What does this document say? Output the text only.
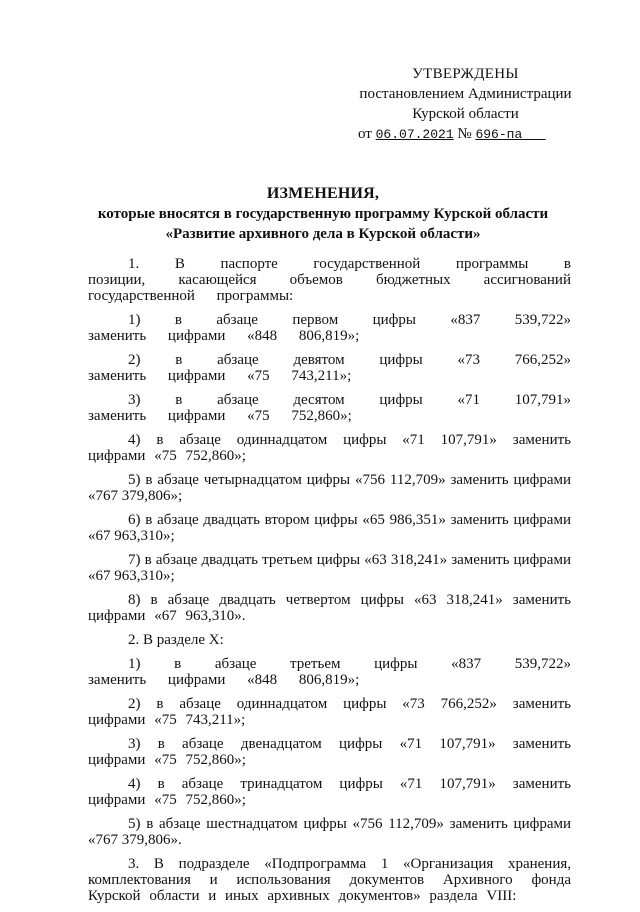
УТВЕРЖДЕНЫ
постановлением Администрации
Курской области
от 06.07.2021 № 696-па
ИЗМЕНЕНИЯ,
которые вносятся в государственную программу Курской области
«Развитие архивного дела в Курской области»

1. В паспорте государственной программы в позиции, касающейся объемов бюджетных ассигнований государственной программы:

1) в абзаце первом цифры «837 539,722» заменить цифрами «848 806,819»;

2) в абзаце девятом цифры «73 766,252» заменить цифрами «75 743,211»;

3) в абзаце десятом цифры «71 107,791» заменить цифрами «75 752,860»;

4) в абзаце одиннадцатом цифры «71 107,791» заменить цифрами «75 752,860»;

5) в абзаце четырнадцатом цифры «756 112,709» заменить цифрами «767 379,806»;

6) в абзаце двадцать втором цифры «65 986,351» заменить цифрами «67 963,310»;

7) в абзаце двадцать третьем цифры «63 318,241» заменить цифрами «67 963,310»;

8) в абзаце двадцать четвертом цифры «63 318,241» заменить цифрами «67 963,310».

2. В разделе X:

1) в абзаце третьем цифры «837 539,722» заменить цифрами «848 806,819»;

2) в абзаце одиннадцатом цифры «73 766,252» заменить цифрами «75 743,211»;

3) в абзаце двенадцатом цифры «71 107,791» заменить цифрами «75 752,860»;

4) в абзаце тринадцатом цифры «71 107,791» заменить цифрами «75 752,860»;

5) в абзаце шестнадцатом цифры «756 112,709» заменить цифрами «767 379,806».

3. В подразделе «Подпрограмма 1 «Организация хранения, комплектования и использования документов Архивного фонда Курской области и иных архивных документов» раздела VIII:
